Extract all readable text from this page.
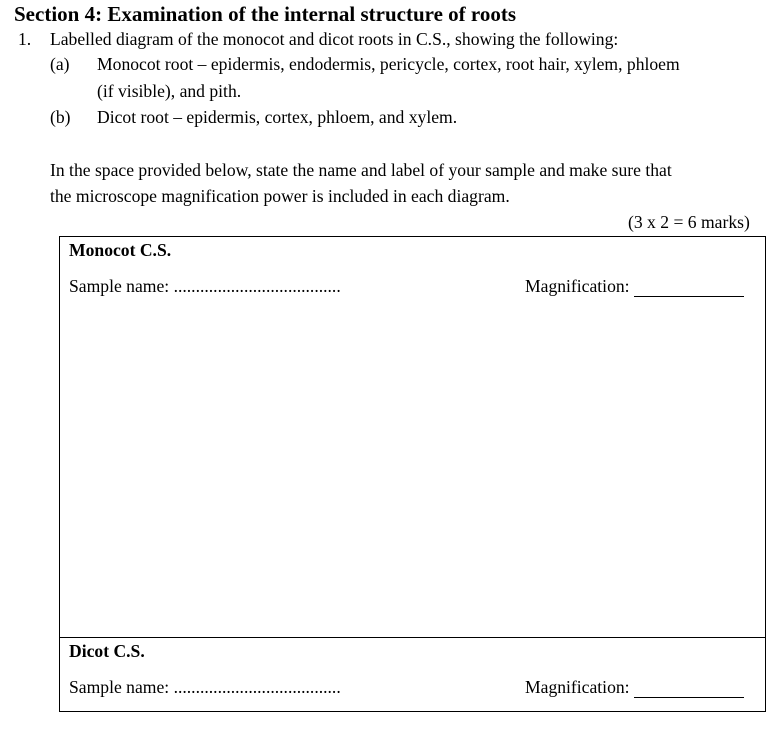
Section 4: Examination of the internal structure of roots
1. Labelled diagram of the monocot and dicot roots in C.S., showing the following:
(a) Monocot root – epidermis, endodermis, pericycle, cortex, root hair, xylem, phloem
(if visible), and pith.
(b) Dicot root – epidermis, cortex, phloem, and xylem.
In the space provided below, state the name and label of your sample and make sure that
the microscope magnification power is included in each diagram.
(3 x 2 = 6 marks)
Monocot C.S.
Sample name: ......................................	Magnification:
Dicot C.S.
Sample name: ......................................	Magnification:
